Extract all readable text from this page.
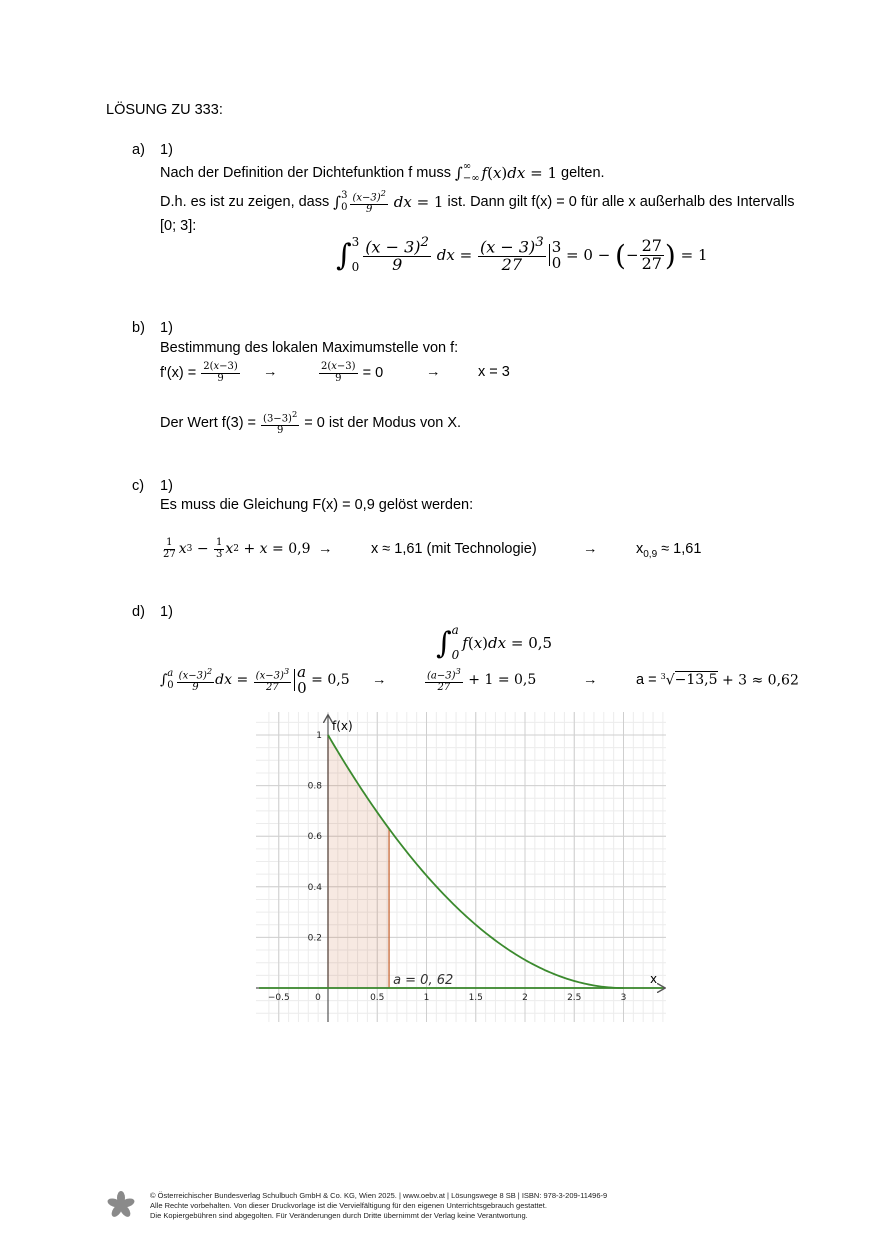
LÖSUNG ZU 333:
a) 1)
Nach der Definition der Dichtefunktion f muss
∫ ∞
−∞ f ( x ) dx = 1
gelten.
D.h. es ist zu zeigen, dass
∫ 3
$0 \frac{(x-3)^2}{9}$ dx = 1
ist. Dann gilt f(x) = 0 für alle x außerhalb des Intervalls
[0; 3]:
∫ 3
$0 \frac{(x - 3)^2}{9}$ dx = $\frac{(x - 3)^3}{27} 3$
0 = 0 − ( − $\frac{27}{27}$ ) = 1
b) 1)
Bestimmung des lokalen Maximumstelle von f:
f'(x) =
$\frac{2(x-3)}{9}$ →	$\frac{2(x-3)}{9}$
= 0	→	x = 3
Der Wert f(3) =
$\frac{(3-3)^2}{9}$
= 0 ist der Modus von X.
c) 1)
Es muss die Gleichung F(x) = 0,9 gelöst werden:
$\frac{1}{27}$ x $3 - \frac{1}{3}$ x 2 + x = 0,9 →	x ≈ 1,61 (mit Technologie)	→	$x_{0,9} \approx 1,61$
d) 1)
∫ a
0
f ( x ) dx = 0,5
∫ a
$0 \frac{(x-3)^2}{9}$ dx = $\frac{(x-3)^3}{27}$ a
0 = 0,5 →	$\frac{(a-3)^3}{27} + 1 = 0,5$	→	a =
$^3$√−13,5 + 3 ≈ 0,62
−0.5	0	0.5	1	1.5	2	2.5	3
0.2
0.4
0.6
0.8
1
x
f(x)
a = 0, 62
© Österreichischer Bundesverlag Schulbuch GmbH & Co. KG, Wien 2025. | www.oebv.at | Lösungswege 8 SB | ISBN: 978-3-209-11496-9
Alle Rechte vorbehalten. Von dieser Druckvorlage ist die Vervielfältigung für den eigenen Unterrichtsgebrauch gestattet.
Die Kopiergebühren sind abgegolten. Für Veränderungen durch Dritte übernimmt der Verlag keine Verantwortung.
